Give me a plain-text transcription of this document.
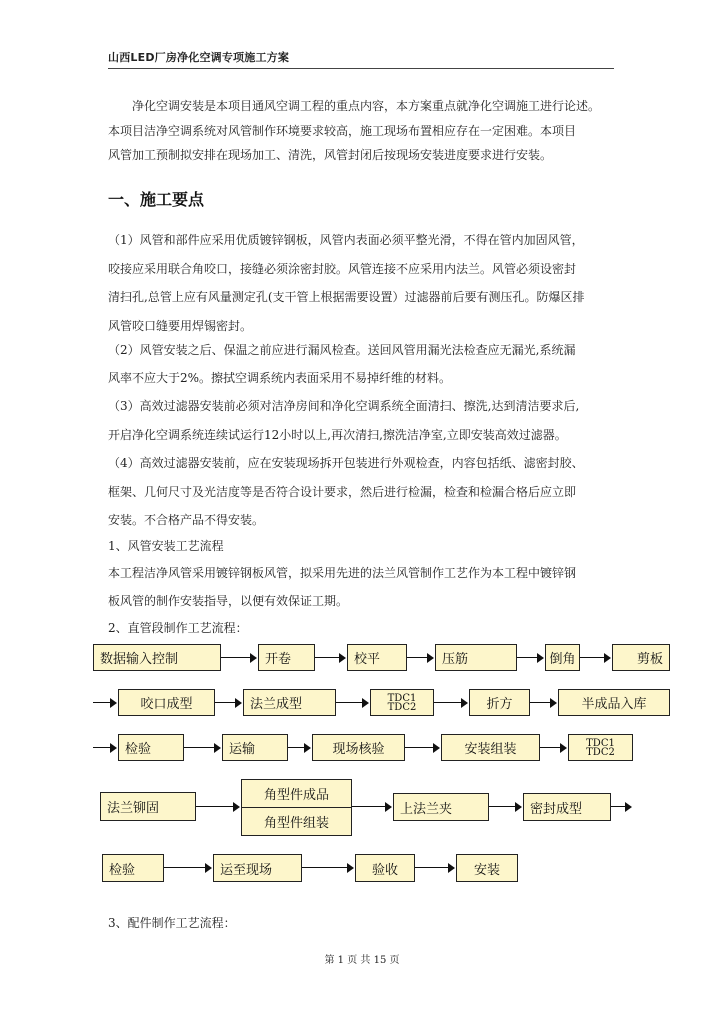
山西LED厂房净化空调专项施工方案
　　净化空调安装是本项目通风空调工程的重点内容，本方案重点就净化空调施工进行论述。
本项目洁净空调系统对风管制作环境要求较高，施工现场布置相应存在一定困难。本项目
风管加工预制拟安排在现场加工、清洗，风管封闭后按现场安装进度要求进行安装。
一、施工要点
（1）风管和部件应采用优质镀锌钢板，风管内表面必须平整光滑，不得在管内加固风管，
咬接应采用联合角咬口，接缝必须涂密封胶。风管连接不应采用内法兰。风管必须设密封
清扫孔,总管上应有风量测定孔(支干管上根据需要设置）过滤器前后要有测压孔。防爆区排
风管咬口缝要用焊锡密封。
（2）风管安装之后、保温之前应进行漏风检查。送回风管用漏光法检查应无漏光,系统漏
风率不应大于2%。擦拭空调系统内表面采用不易掉纤维的材料。
（3）高效过滤器安装前必须对洁净房间和净化空调系统全面清扫、擦洗,达到清洁要求后,
开启净化空调系统连续试运行12小时以上,再次清扫,擦洗洁净室,立即安装高效过滤器。
（4）高效过滤器安装前，应在安装现场拆开包装进行外观检查，内容包括纸、滤密封胶、
框架、几何尺寸及光洁度等是否符合设计要求，然后进行检漏，检查和检漏合格后应立即
安装。不合格产品不得安装。
1、风管安装工艺流程
本工程洁净风管采用镀锌钢板风管，拟采用先进的法兰风管制作工艺作为本工程中镀锌钢
板风管的制作安装指导，以便有效保证工期。
2、直管段制作工艺流程：
数据输入控制	开卷	校平	压筋	倒角	剪板
咬口成型	法兰成型	TDC1
TDC2	折方	半成品入库
检验	运输	现场核验	安装组装	TDC1
TDC2
法兰铆固
角型件成品
角型件组装
上法兰夹	密封成型
检验	运至现场	验收	安装
3、配件制作工艺流程：
第 1 页 共 15 页
